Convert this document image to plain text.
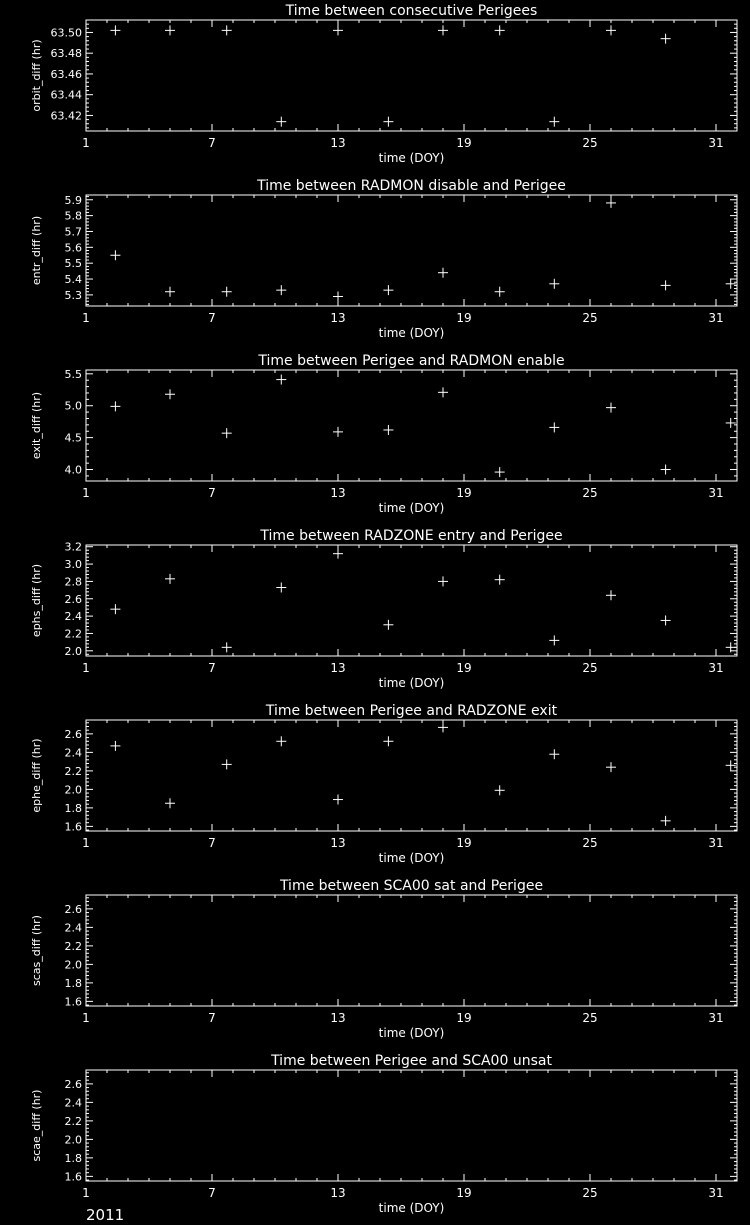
Time between consecutive Perigees
time (DOY)
orbit_diff (hr)
1	7	13	19	25	31
63.42
63.44
63.46
63.48
63.50
Time between RADMON disable and Perigee
time (DOY)
entr_diff (hr)
1	7	13	19	25	31
5.3
5.4
5.5
5.6
5.7
5.8
5.9
Time between Perigee and RADMON enable
time (DOY)
exit_diff (hr)
1	7	13	19	25	31
4.0
4.5
5.0
5.5
Time between RADZONE entry and Perigee
time (DOY)
ephs_diff (hr)
1	7	13	19	25	31
2.0
2.2
2.4
2.6
2.8
3.0
3.2
Time between Perigee and RADZONE exit
time (DOY)
ephe_diff (hr)
1	7	13	19	25	31
1.6
1.8
2.0
2.2
2.4
2.6
Time between SCA00 sat and Perigee
time (DOY)
scas_diff (hr)
1	7	13	19	25	31
1.6
1.8
2.0
2.2
2.4
2.6
Time between Perigee and SCA00 unsat
time (DOY)
scae_diff (hr)
1	7	13	19	25	31
1.6
1.8
2.0
2.2
2.4
2.6
2011
